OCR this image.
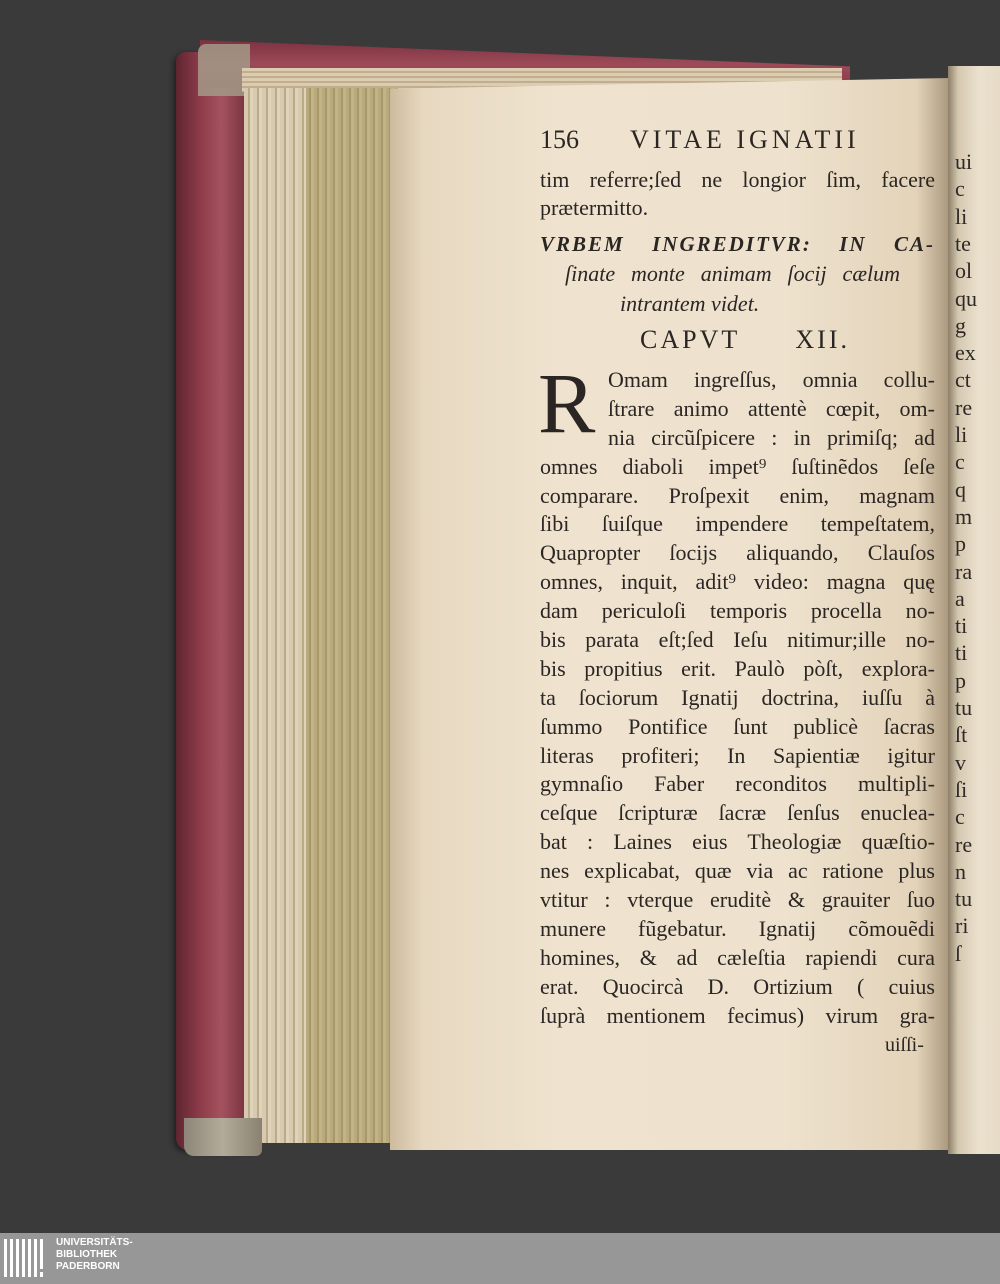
156 VITAE IGNATII
tim referre;ſed ne longior ſim, facere
prætermitto.
VRBEM INGREDITVR: IN CA-
ſinate monte animam ſocij cælum
intrantem videt.
CAPVT XII.
R Omam ingreſſus, omnia collu-
ſtrare animo attentè cœpit, om-
nia circũſpicere : in primiſq; ad
omnes diaboli impet⁹ ſuſtinẽdos ſeſe
comparare. Proſpexit enim, magnam
ſibi ſuiſque impendere tempeſtatem,
Quapropter ſocijs aliquando, Clauſos
omnes, inquit, adit⁹ video: magna quę
dam periculoſi temporis procella no-
bis parata eſt;ſed Ieſu nitimur;ille no-
bis propitius erit. Paulò pòſt, explora-
ta ſociorum Ignatij doctrina, iuſſu à
ſummo Pontifice ſunt publicè ſacras
literas profiteri; In Sapientiæ igitur
gymnaſio Faber reconditos multipli-
ceſque ſcripturæ ſacræ ſenſus enuclea-
bat : Laines eius Theologiæ quæſtio-
nes explicabat, quæ via ac ratione plus
vtitur : vterque eruditè & grauiter ſuo
munere fũgebatur. Ignatij cõmouẽdi
homines, & ad cæleſtia rapiendi cura
erat. Quocircà D. Ortizium ( cuius
ſuprà mentionem fecimus) virum gra-
uiſſi-
ui
c
li
te
ol
qu
g
ex
ct
re
li
c
q
m
p
ra
a
ti
ti
p
tu
ſt
v
ſi
c
re
n
tu
ri
ſ
UNIVERSITÄTS-
BIBLIOTHEK
PADERBORN
